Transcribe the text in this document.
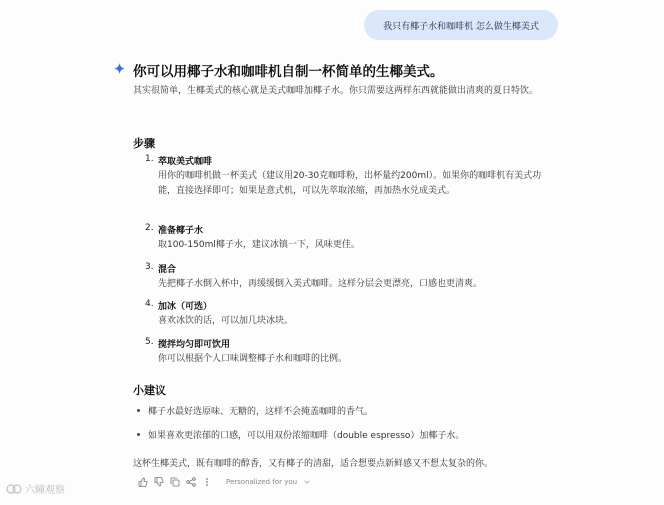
我只有椰子水和咖啡机 怎么做生椰美式
你可以用椰子水和咖啡机自制一杯简单的生椰美式。
其实很简单，生椰美式的核心就是美式咖啡加椰子水。你只需要这两样东西就能做出清爽的夏日特饮。
步骤
1. 萃取美式咖啡
用你的咖啡机做一杯美式（建议用20-30克咖啡粉，出杯量约200ml）。如果你的咖啡机有美式功能，直接选择即可；如果是意式机，可以先萃取浓缩，再加热水兑成美式。
2. 准备椰子水
取100-150ml椰子水，建议冰镇一下，风味更佳。
3. 混合
先把椰子水倒入杯中，再缓缓倒入美式咖啡。这样分层会更漂亮，口感也更清爽。
4. 加冰（可选）
喜欢冰饮的话，可以加几块冰块。
5. 搅拌均匀即可饮用
你可以根据个人口味调整椰子水和咖啡的比例。
小建议
椰子水最好选原味、无糖的，这样不会掩盖咖啡的香气。
如果喜欢更浓郁的口感，可以用双份浓缩咖啡（double espresso）加椰子水。
这杯生椰美式，既有咖啡的醇香，又有椰子的清甜，适合想要点新鲜感又不想太复杂的你。
Personalized for you
六瞳观察
